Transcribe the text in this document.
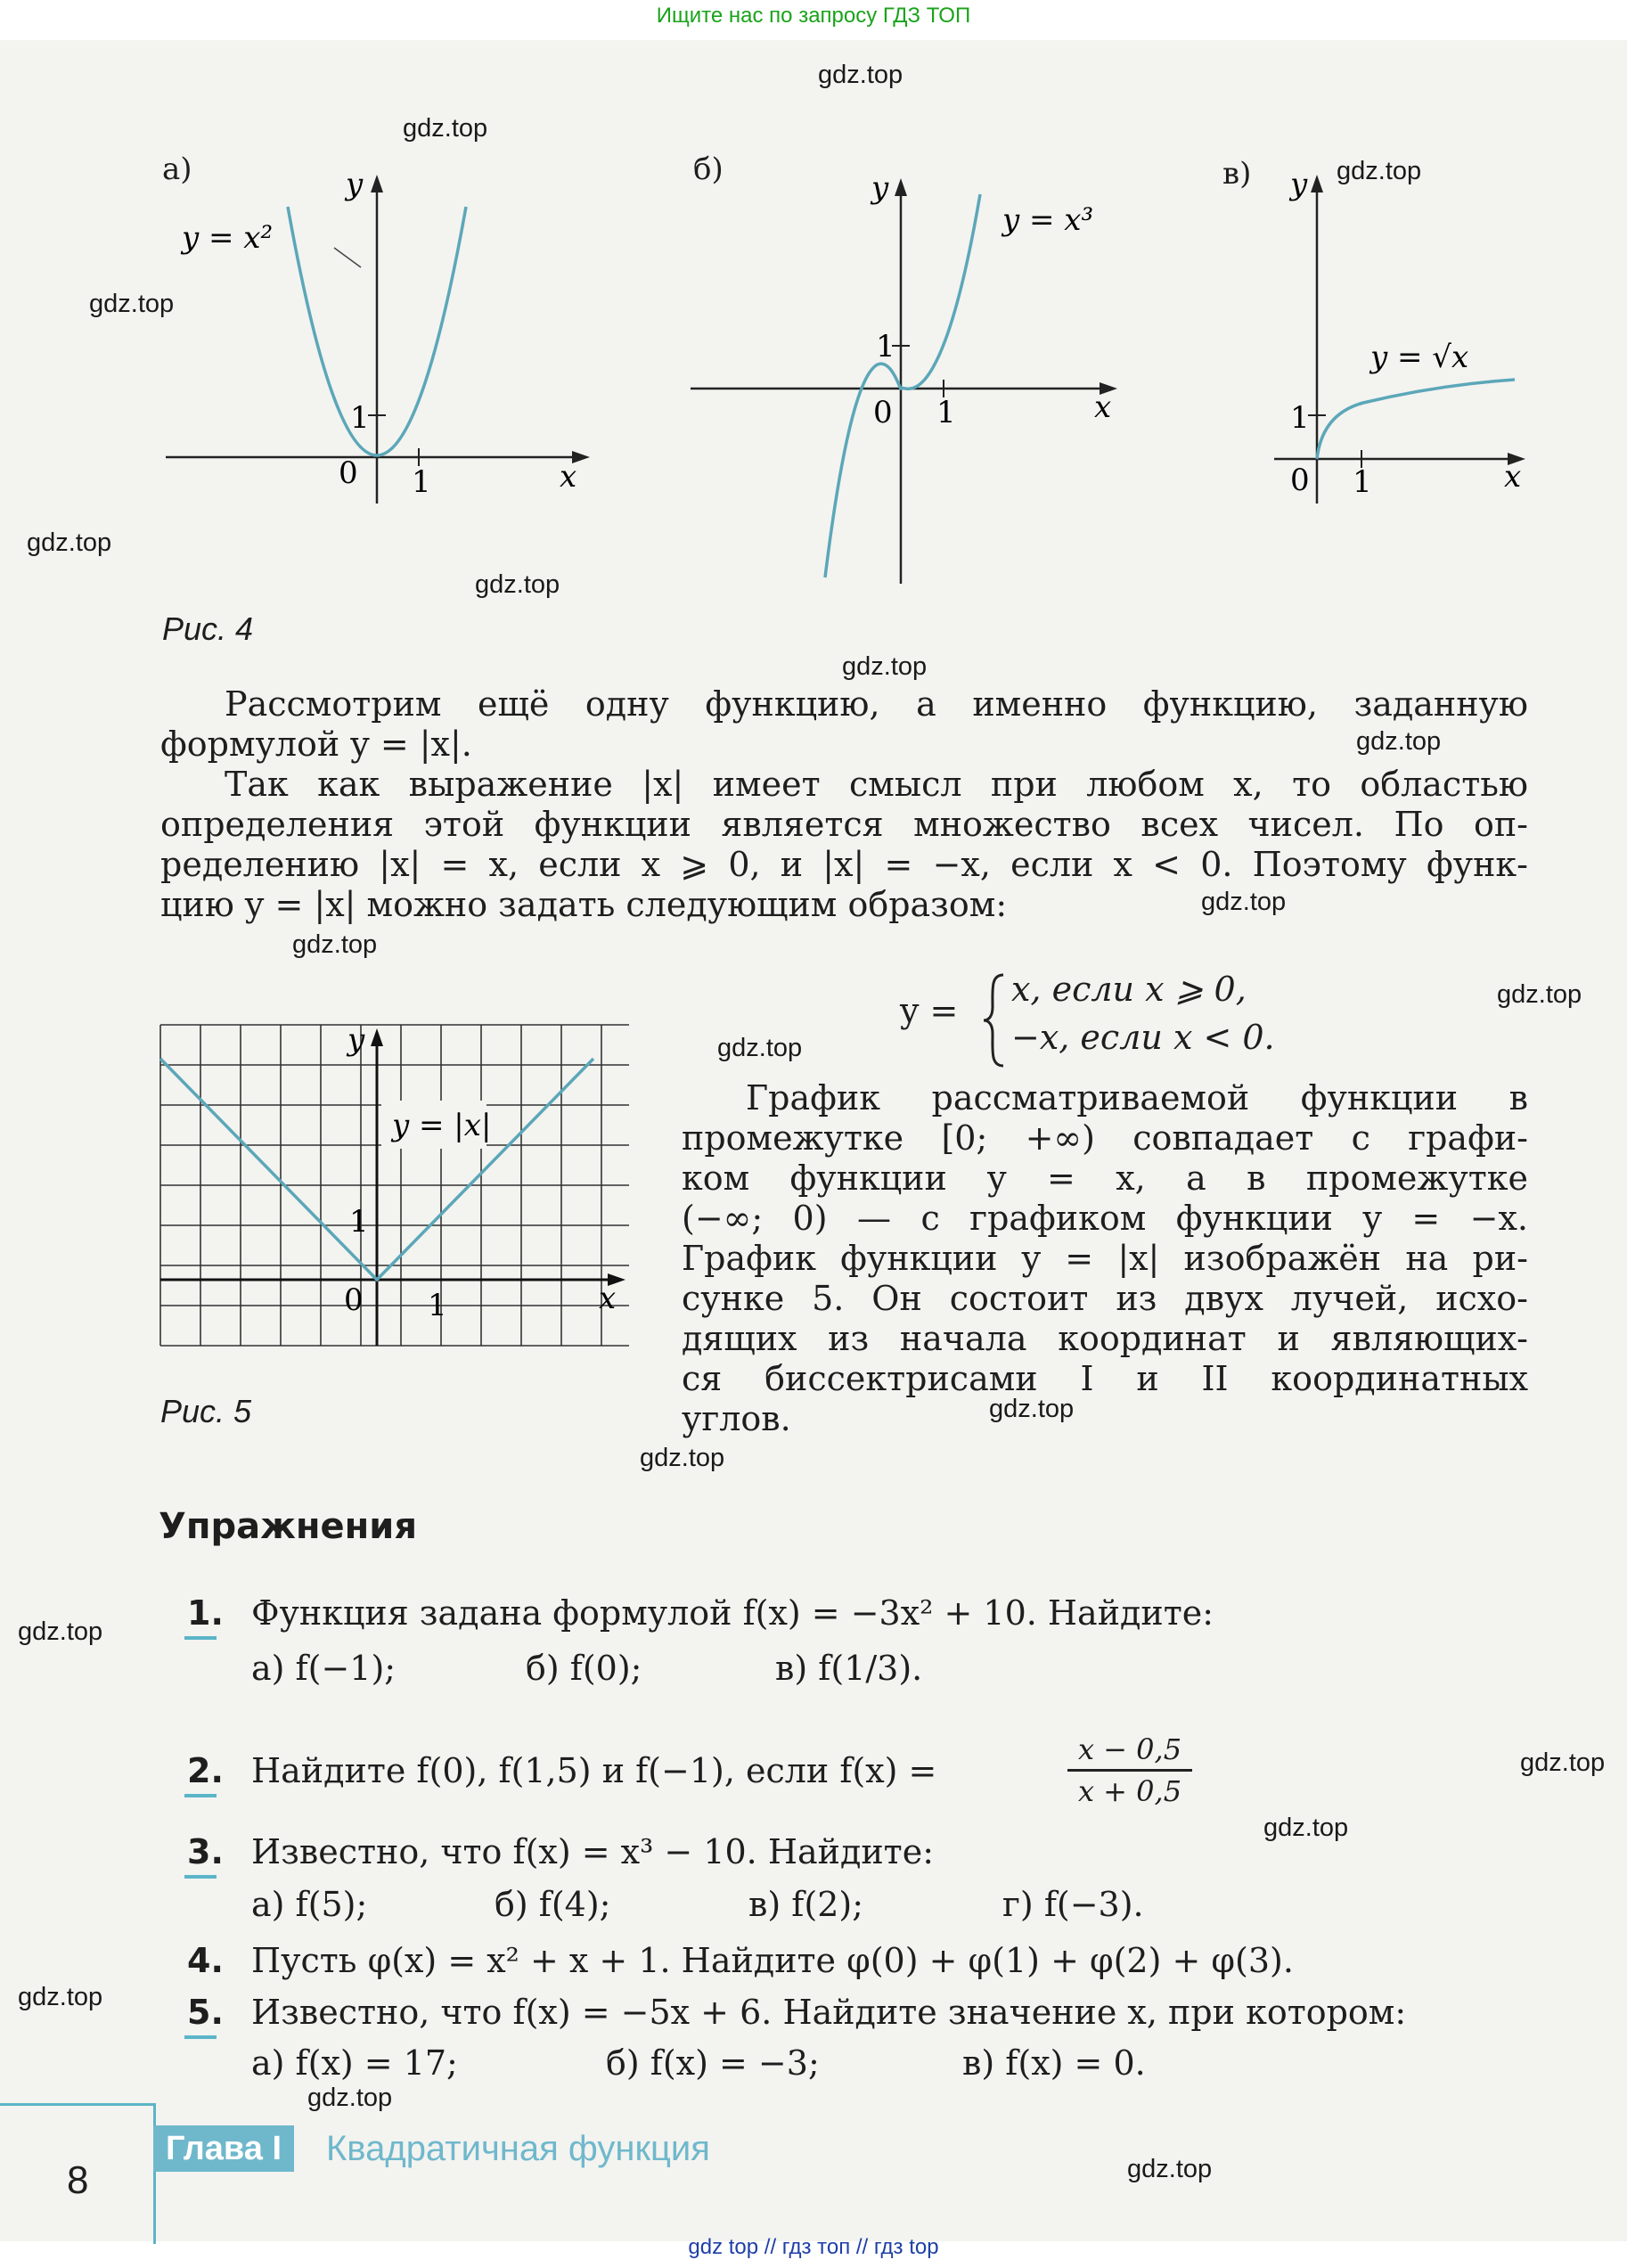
Ищите нас по запросу ГДЗ ТОП
а)	б)	в)
0 1
1
x
y
y = x²
0 1
1
x
y
y = x³
0 1
1
x
y
y = √x
Рис. 4
Рассмотрим ещё одну функцию, а именно функцию, заданную
формулой y = |x|.
Так как выражение |x| имеет смысл при любом x, то областью
определения этой функции является множество всех чисел. По оп-
ределению |x| = x, если x ⩾ 0, и |x| = −x, если x < 0. Поэтому функ-
цию y = |x| можно задать следующим образом:
y =
x, если x ⩾ 0,
−x, если x < 0.
0 1
1
x
y
y = |x|
Рис. 5
График рассматриваемой функции в
промежутке [0; +∞) совпадает с графи-
ком функции y = x, а в промежутке
(−∞; 0) — с графиком функции y = −x.
График функции y = |x| изображён на ри-
сунке 5. Он состоит из двух лучей, исхо-
дящих из начала координат и являющих-
ся биссектрисами I и II координатных
углов.
Упражнения
1. Функция задана формулой f(x) = −3x² + 10. Найдите:
а) f(−1);	б) f(0);	в) f(1/3).
2. Найдите f(0), f(1,5) и f(−1), если f(x) =
x − 0,5
x + 0,5
3. Известно, что f(x) = x³ − 10. Найдите:
а) f(5);	б) f(4);	в) f(2);	г) f(−3).
4. Пусть φ(x) = x² + x + 1. Найдите φ(0) + φ(1) + φ(2) + φ(3).
5. Известно, что f(x) = −5x + 6. Найдите значение x, при котором:
а) f(x) = 17;	б) f(x) = −3;	в) f(x) = 0.
Глава I	Квадратичная функция
8
gdz.top
gdz.top
gdz.top
gdz.top
gdz.top
gdz.top
gdz.top
gdz.top
gdz.top
gdz.top
gdz.top
gdz.top
gdz.top
gdz.top
gdz.top
gdz.top
gdz.top
gdz.top
gdz.top
gdz.top
gdz top // гдз топ // гдз top
